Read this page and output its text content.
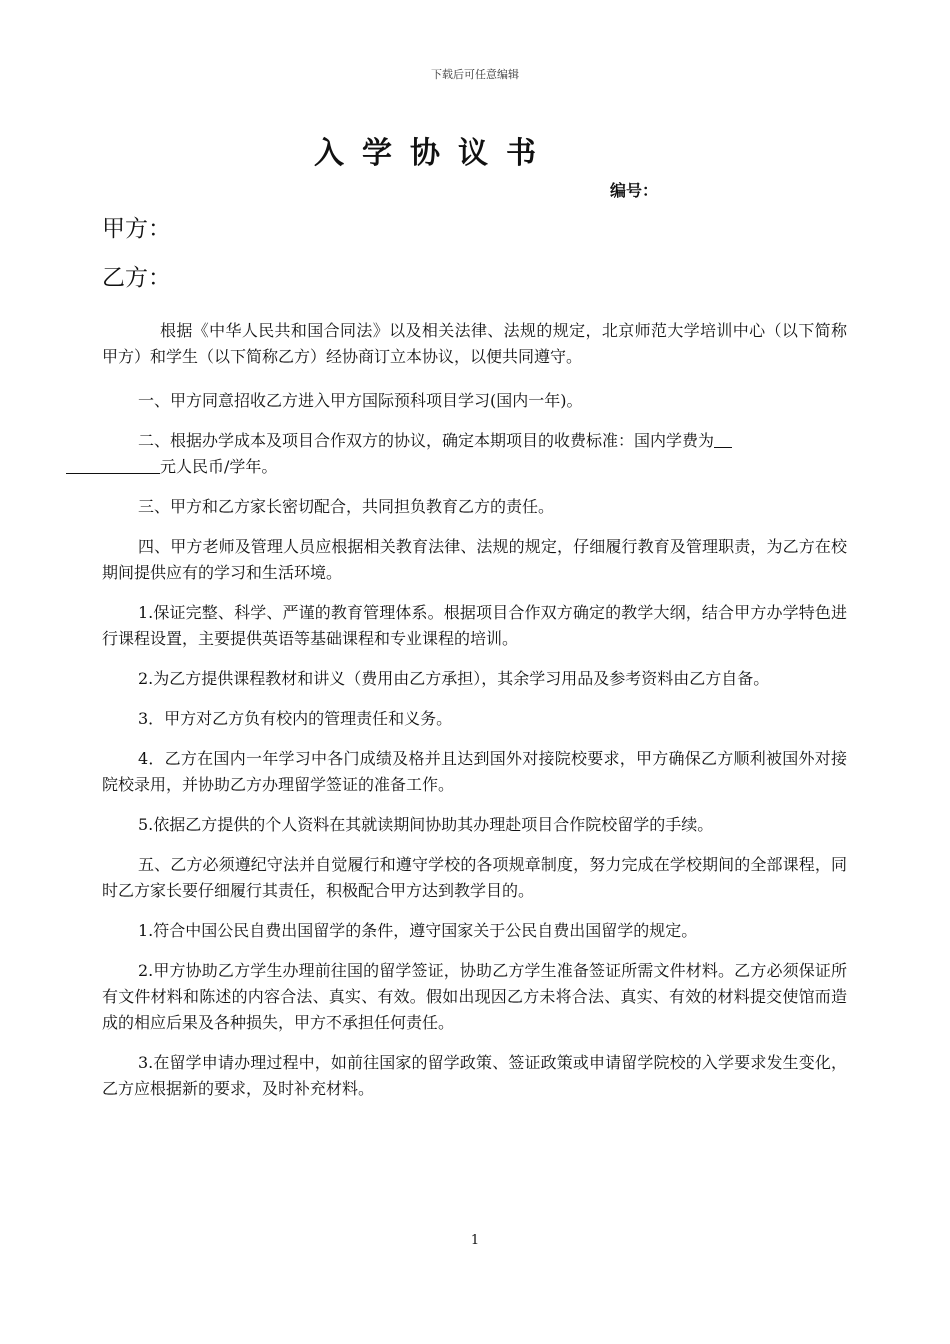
下载后可任意编辑
入学协议书
编号：
甲方：
乙方：

根据《中华人民共和国合同法》以及相关法律、法规的规定，北京师范大学培训中心（以下简称甲方）和学生（以下简称乙方）经协商订立本协议，以便共同遵守。

一、甲方同意招收乙方进入甲方国际预科项目学习(国内一年)。

二、根据办学成本及项目合作双方的协议，确定本期项目的收费标准：国内学费为
元人民币/学年。

三、甲方和乙方家长密切配合，共同担负教育乙方的责任。

四、甲方老师及管理人员应根据相关教育法律、法规的规定，仔细履行教育及管理职责，为乙方在校期间提供应有的学习和生活环境。

1.保证完整、科学、严谨的教育管理体系。根据项目合作双方确定的教学大纲，结合甲方办学特色进行课程设置，主要提供英语等基础课程和专业课程的培训。

2.为乙方提供课程教材和讲义（费用由乙方承担），其余学习用品及参考资料由乙方自备。

3．甲方对乙方负有校内的管理责任和义务。

4．乙方在国内一年学习中各门成绩及格并且达到国外对接院校要求，甲方确保乙方顺利被国外对接院校录用，并协助乙方办理留学签证的准备工作。

5.依据乙方提供的个人资料在其就读期间协助其办理赴项目合作院校留学的手续。

五、乙方必须遵纪守法并自觉履行和遵守学校的各项规章制度，努力完成在学校期间的全部课程，同时乙方家长要仔细履行其责任，积极配合甲方达到教学目的。

1.符合中国公民自费出国留学的条件，遵守国家关于公民自费出国留学的规定。

2.甲方协助乙方学生办理前往国的留学签证，协助乙方学生准备签证所需文件材料。乙方必须保证所有文件材料和陈述的内容合法、真实、有效。假如出现因乙方未将合法、真实、有效的材料提交使馆而造成的相应后果及各种损失，甲方不承担任何责任。

3.在留学申请办理过程中，如前往国家的留学政策、签证政策或申请留学院校的入学要求发生变化，乙方应根据新的要求，及时补充材料。

1
